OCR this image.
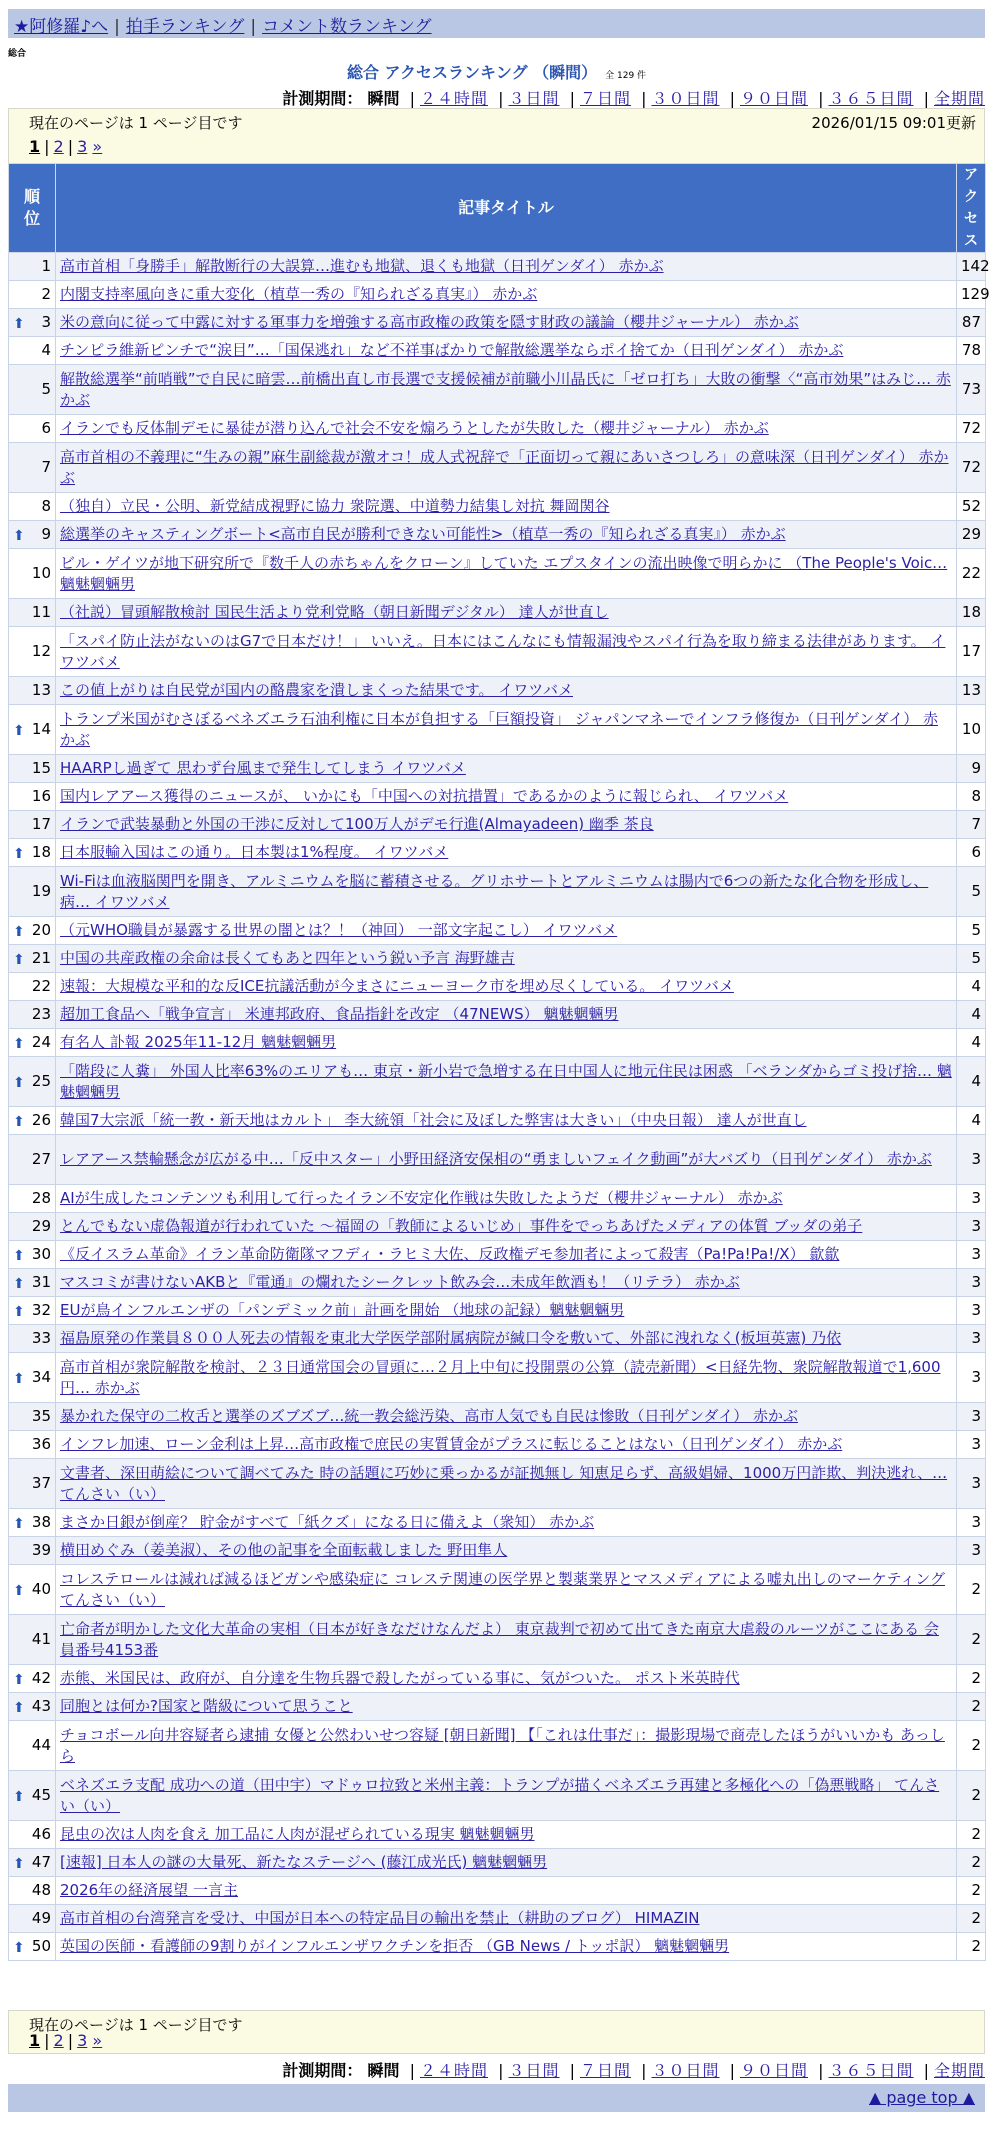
★阿修羅♪へ | 拍手ランキング | コメント数ランキング
総合
総合 アクセスランキング （瞬間） 全 129 件
計測期間： 瞬間 | ２４時間 | ３日間 | ７日間 | ３０日間 | ９０日間 | ３６５日間 | 全期間
現在のページは 1 ページ目です	2026/01/15 09:01更新
1 | 2 | 3 »
順位	記事タイトル	アクセス
1	高市首相「身勝手」解散断行の大誤算…進むも地獄、退くも地獄（日刊ゲンダイ） 赤かぶ	142
2	内閣支持率風向きに重大変化（植草一秀の『知られざる真実』） 赤かぶ	129

⬆ 3	米の意向に従って中露に対する軍事力を増強する高市政権の政策を隠す財政の議論（櫻井ジャーナル） 赤かぶ	87
4	チンピラ維新ピンチで“涙目”…「国保逃れ」など不祥事ばかりで解散総選挙ならポイ捨てか（日刊ゲンダイ） 赤かぶ	78
5	解散総選挙“前哨戦”で自民に暗雲…前橋出直し市長選で支援候補が前職小川晶氏に「ゼロ打ち」大敗の衝撃〈“高市効果”はみじ… 赤かぶ	73
6	イランでも反体制デモに暴徒が潜り込んで社会不安を煽ろうとしたが失敗した（櫻井ジャーナル） 赤かぶ	72
7	高市首相の不義理に“生みの親”麻生副総裁が激オコ！成人式祝辞で「正面切って親にあいさつしろ」の意味深（日刊ゲンダイ） 赤かぶ	72
8	（独自）立民・公明、新党結成視野に協力 衆院選、中道勢力結集し対抗 舞岡関谷	52

⬆ 9	総選挙のキャスティングボート<高市自民が勝利できない可能性>（植草一秀の『知られざる真実』） 赤かぶ	29
10	ビル・ゲイツが地下研究所で『数千人の赤ちゃんをクローン』していた エプスタインの流出映像で明らかに （The People's Voic… 魑魅魍魎男	22
11	（社説）冒頭解散検討 国民生活より党利党略（朝日新聞デジタル） 達人が世直し	18
12	「スパイ防止法がないのはG7で日本だけ！」 いいえ。日本にはこんなにも情報漏洩やスパイ行為を取り締まる法律があります。 イワツバメ	17
13	この値上がりは自民党が国内の酪農家を潰しまくった結果です。 イワツバメ	13

⬆ 14	トランプ米国がむさぼるベネズエラ石油利権に日本が負担する「巨額投資」 ジャパンマネーでインフラ修復か（日刊ゲンダイ） 赤かぶ	10
15	HAARPし過ぎて 思わず台風まで発生してしまう イワツバメ	9
16	国内レアアース獲得のニュースが、 いかにも「中国への対抗措置」であるかのように報じられ、 イワツバメ	8
17	イランで武装暴動と外国の干渉に反対して100万人がデモ行進(Almayadeen) 幽季 茶良	7

⬆ 18	日本服輸入国はこの通り。日本製は1%程度。 イワツバメ	6
19	Wi-Fiは血液脳関門を開き、アルミニウムを脳に蓄積させる。グリホサートとアルミニウムは腸内で6つの新たな化合物を形成し、病… イワツバメ	5

⬆ 20	（元WHO職員が暴露する世界の闇とは？！（神回） 一部文字起こし） イワツバメ	5

⬆ 21	中国の共産政権の余命は長くてもあと四年という鋭い予言 海野雄吉	5
22	速報：大規模な平和的な反ICE抗議活動が今まさにニューヨーク市を埋め尽くしている。 イワツバメ	4
23	超加工食品へ「戦争宣言」 米連邦政府、食品指針を改定 （47NEWS） 魑魅魍魎男	4

⬆ 24	有名人 訃報 2025年11-12月 魑魅魍魎男	4

⬆ 25	「階段に人糞」 外国人比率63%のエリアも… 東京・新小岩で急増する在日中国人に地元住民は困惑 「ベランダからゴミ投げ捨… 魑魅魍魎男	4

⬆ 26	韓国7大宗派「統一教・新天地はカルト」 李大統領「社会に及ぼした弊害は大きい」（中央日報） 達人が世直し	4
27	レアアース禁輸懸念が広がる中…「反中スター」小野田経済安保相の“勇ましいフェイク動画”が大バズり（日刊ゲンダイ） 赤かぶ	3
28	AIが生成したコンテンツも利用して行ったイラン不安定化作戦は失敗したようだ（櫻井ジャーナル） 赤かぶ	3
29	とんでもない虚偽報道が行われていた ～福岡の「教師によるいじめ」事件をでっちあげたメディアの体質 ブッダの弟子	3

⬆ 30	《反イスラム革命》イラン革命防衛隊マフディ・ラヒミ大佐、反政権デモ参加者によって殺害（Pa!Pa!Pa!/X） 歙歙	3

⬆ 31	マスコミが書けないAKBと『電通』の爛れたシークレット飲み会…未成年飲酒も！（リテラ） 赤かぶ	3

⬆ 32	EUが鳥インフルエンザの「パンデミック前」計画を開始 （地球の記録）魑魅魍魎男	3
33	福島原発の作業員８００人死去の情報を東北大学医学部附属病院が緘口令を敷いて、外部に洩れなく(板垣英憲) 乃依	3

⬆ 34	高市首相が衆院解散を検討、２３日通常国会の冒頭に…２月上中旬に投開票の公算（読売新聞）<日経先物、衆院解散報道で1,600円… 赤かぶ	3
35	暴かれた保守の二枚舌と選挙のズブズブ…統一教会総汚染、高市人気でも自民は惨敗（日刊ゲンダイ） 赤かぶ	3
36	インフレ加速、ローン金利は上昇…高市政権で庶民の実質賃金がプラスに転じることはない（日刊ゲンダイ） 赤かぶ	3
37	文書者、深田萌絵について調べてみた 時の話題に巧妙に乗っかるが証拠無し 知恵足らず、高級娼婦、1000万円詐欺、判決逃れ、… てんさい（い）	3

⬆ 38	まさか日銀が倒産？ 貯金がすべて「紙クズ」になる日に備えよ（衆知） 赤かぶ	3
39	横田めぐみ（姜美淑）、その他の記事を全面転載しました 野田隼人	3

⬆ 40	コレステロールは減れば減るほどガンや感染症に コレステ関連の医学界と製薬業界とマスメディアによる嘘丸出しのマーケティング てんさい（い）	2
41	亡命者が明かした文化大革命の実相（日本が好きなだけなんだよ） 東京裁判で初めて出てきた南京大虐殺のルーツがここにある 会員番号4153番	2

⬆ 42	赤熊、米国民は、政府が、自分達を生物兵器で殺したがっている事に、気がついた。 ポスト米英時代	2

⬆ 43	同胞とは何か?国家と階級について思うこと	2
44	チョコボール向井容疑者ら逮捕 女優と公然わいせつ容疑 [朝日新聞] 【「これは仕事だ」：撮影現場で商売したほうがいいかも あっしら	2

⬆ 45	ベネズエラ支配 成功への道（田中宇）マドゥロ拉致と米州主義：トランプが描くベネズエラ再建と多極化への「偽悪戦略」 てんさい（い）	2
46	昆虫の次は人肉を食え 加工品に人肉が混ぜられている現実 魑魅魍魎男	2

⬆ 47	[速報] 日本人の謎の大量死、新たなステージへ (藤江成光氏) 魑魅魍魎男	2
48	2026年の経済展望 一言主	2
49	高市首相の台湾発言を受け、中国が日本への特定品目の輸出を禁止（耕助のブログ） HIMAZIN	2

⬆ 50	英国の医師・看護師の9割りがインフルエンザワクチンを拒否 （GB News / トッポ訳） 魑魅魍魎男	2
現在のページは 1 ページ目です
1 | 2 | 3 »
計測期間： 瞬間 | ２４時間 | ３日間 | ７日間 | ３０日間 | ９０日間 | ３６５日間 | 全期間
▲ page top ▲
